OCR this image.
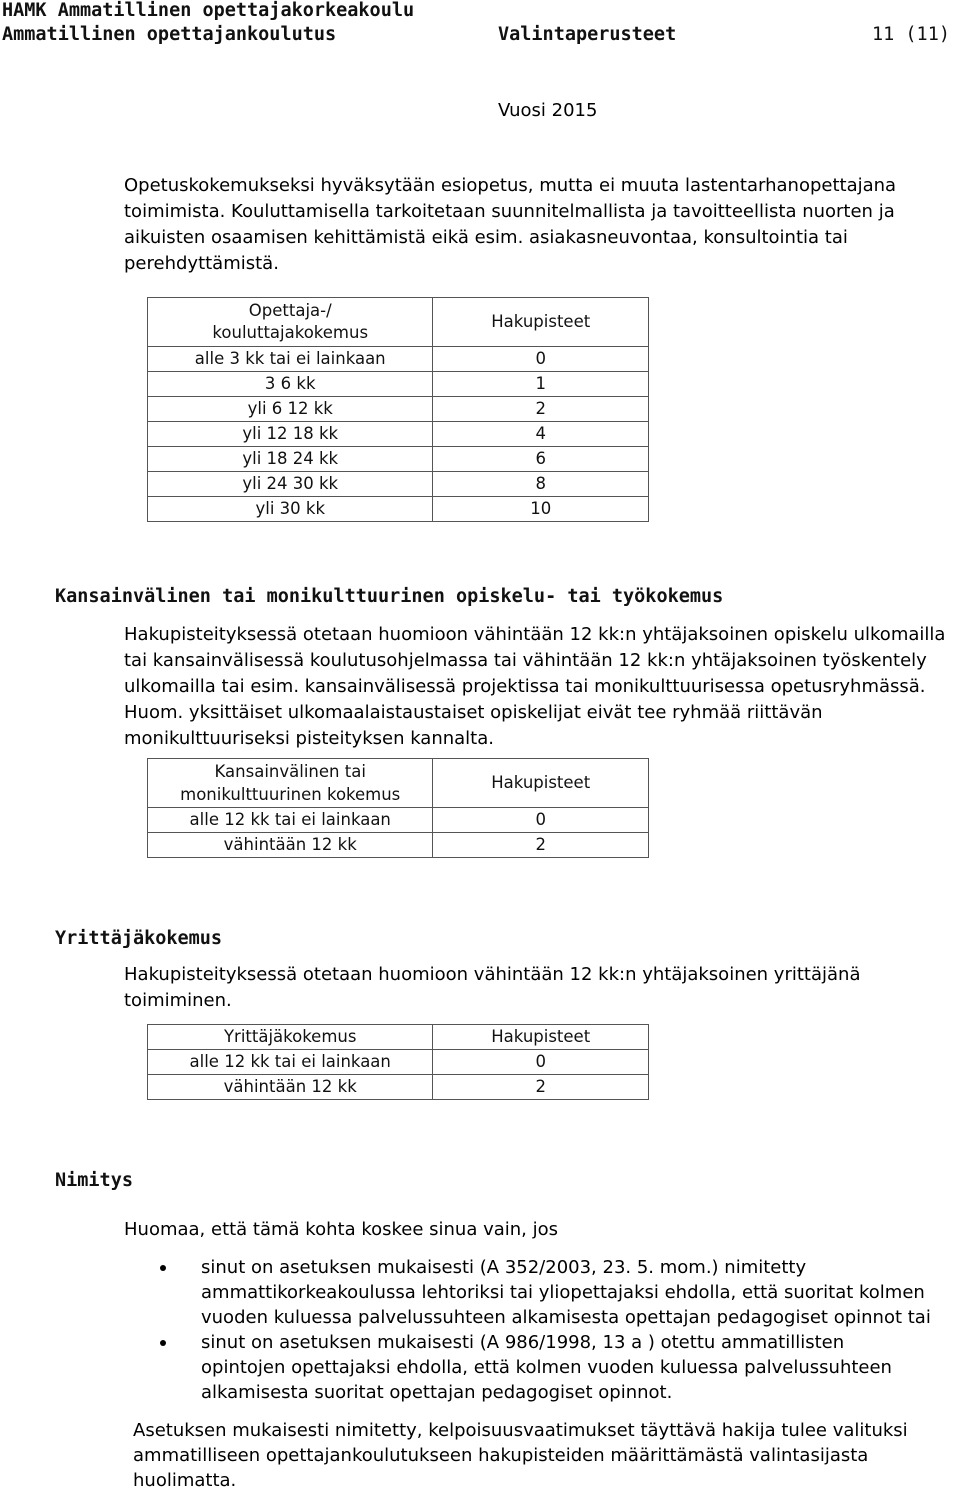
HAMK Ammatillinen opettajakorkeakoulu
Ammatillinen opettajankoulutus	Valintaperusteet	11 (11)
Vuosi 2015
Opetuskokemukseksi hyväksytään esiopetus, mutta ei muuta lastentarhanopettajana
toimimista. Kouluttamisella tarkoitetaan suunnitelmallista ja tavoitteellista nuorten ja
aikuisten osaamisen kehittämistä eikä esim. asiakasneuvontaa, konsultointia tai
perehdyttämistä.
Opettaja-/
kouluttajakokemus	Hakupisteet
alle 3 kk tai ei lainkaan	0
3 6 kk	1
yli 6 12 kk	2
yli 12 18 kk	4
yli 18 24 kk	6
yli 24 30 kk	8
yli 30 kk	10
Kansainvälinen tai monikulttuurinen opiskelu- tai työkokemus
Hakupisteityksessä otetaan huomioon vähintään 12 kk:n yhtäjaksoinen opiskelu ulkomailla
tai kansainvälisessä koulutusohjelmassa tai vähintään 12 kk:n yhtäjaksoinen työskentely
ulkomailla tai esim. kansainvälisessä projektissa tai monikulttuurisessa opetusryhmässä.
Huom. yksittäiset ulkomaalaistaustaiset opiskelijat eivät tee ryhmää riittävän
monikulttuuriseksi pisteityksen kannalta.
Kansainvälinen tai
monikulttuurinen kokemus	Hakupisteet
alle 12 kk tai ei lainkaan	0
vähintään 12 kk	2
Yrittäjäkokemus
Hakupisteityksessä otetaan huomioon vähintään 12 kk:n yhtäjaksoinen yrittäjänä
toimiminen.
Yrittäjäkokemus	Hakupisteet
alle 12 kk tai ei lainkaan	0
vähintään 12 kk	2
Nimitys
Huomaa, että tämä kohta koskee sinua vain, jos
sinut on asetuksen mukaisesti (A 352/2003, 23. 5. mom.) nimitetty
ammattikorkeakoulussa lehtoriksi tai yliopettajaksi ehdolla, että suoritat kolmen
vuoden kuluessa palvelussuhteen alkamisesta opettajan pedagogiset opinnot tai
sinut on asetuksen mukaisesti (A 986/1998, 13 a ) otettu ammatillisten
opintojen opettajaksi ehdolla, että kolmen vuoden kuluessa palvelussuhteen
alkamisesta suoritat opettajan pedagogiset opinnot.
Asetuksen mukaisesti nimitetty, kelpoisuusvaatimukset täyttävä hakija tulee valituksi
ammatilliseen opettajankoulutukseen hakupisteiden määrittämästä valintasijasta
huolimatta.
